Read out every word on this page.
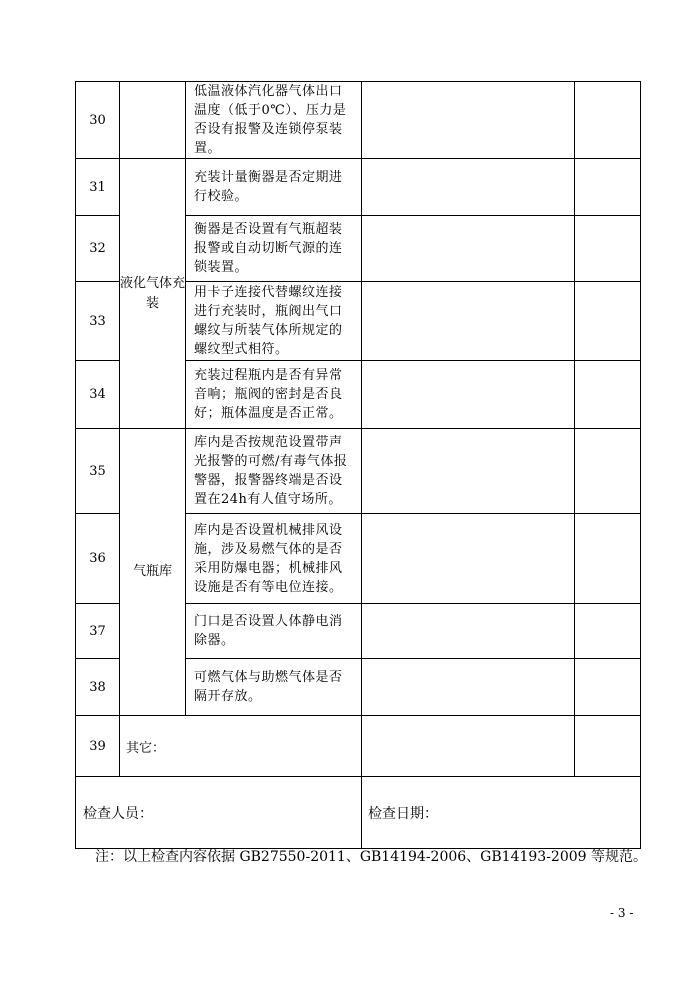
30		低温液体汽化器气体出口温度（低于0℃）、压力是否设有报警及连锁停泵装置。		
31	液化气体充装	充装计量衡器是否定期进行校验。		
32		衡器是否设置有气瓶超装报警或自动切断气源的连锁装置。		
33		用卡子连接代替螺纹连接进行充装时，瓶阀出气口螺纹与所装气体所规定的螺纹型式相符。		
34		充装过程瓶内是否有异常音响；瓶阀的密封是否良好；瓶体温度是否正常。		
35	气瓶库	库内是否按规范设置带声光报警的可燃/有毒气体报警器，报警器终端是否设置在24h有人值守场所。		
36		库内是否设置机械排风设施，涉及易燃气体的是否采用防爆电器；机械排风设施是否有等电位连接。		
37		门口是否设置人体静电消除器。		
38		可燃气体与助燃气体是否隔开存放。		
39	其它：			
检查人员：			检查日期：	
注：以上检查内容依据 GB27550-2011、GB14194-2006、GB14193-2009 等规范。
- 3 -
